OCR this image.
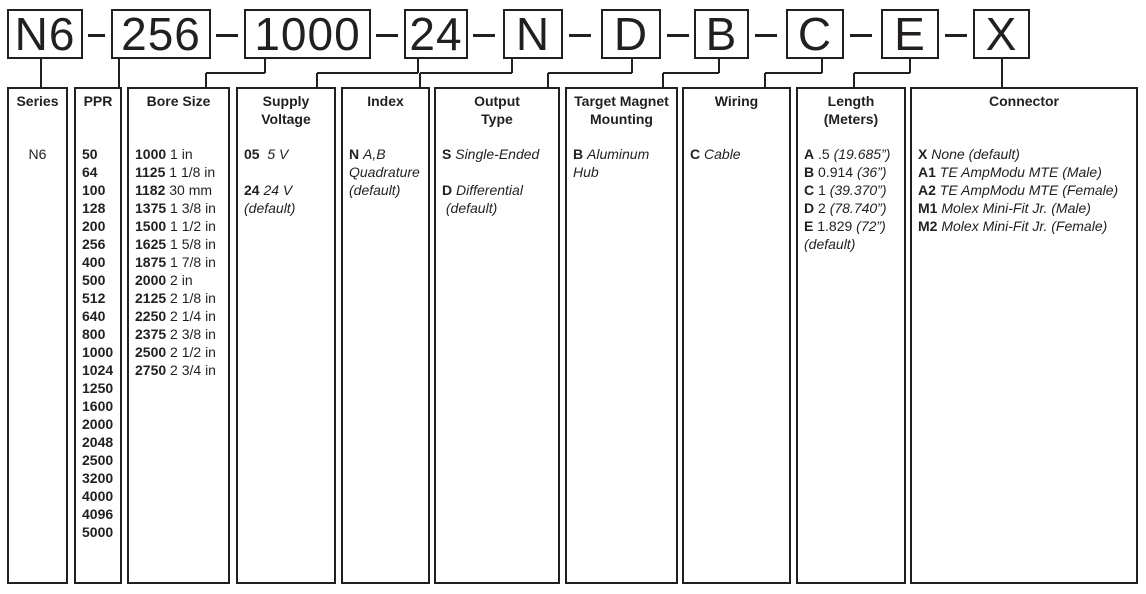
N6 256 1000 24 N D B C E X
Series
N6
PPR
50
64
100
128
200
256
400
500
512
640
800
1000
1024
1250
1600
2000
2048
2500
3200
4000
4096
5000
Bore Size
1000 1 in
1125 1 1/8 in
1182 30 mm
1375 1 3/8 in
1500 1 1/2 in
1625 1 5/8 in
1875 1 7/8 in
2000 2 in
2125 2 1/8 in
2250 2 1/4 in
2375 2 3/8 in
2500 2 1/2 in
2750 2 3/4 in
Supply
Voltage
05 5 V
24 24 V
(default)
Index
N A,B
Quadrature
(default)
Output
Type
S Single-Ended
D Differential
(default)
Target Magnet
Mounting
B Aluminum
Hub
Wiring
C Cable
Length
(Meters)
A .5 (19.685”)
B 0.914 (36”)
C 1 (39.370”)
D 2 (78.740”)
E 1.829 (72”)
(default)
Connector
X None (default)
A1 TE AmpModu MTE (Male)
A2 TE AmpModu MTE (Female)
M1 Molex Mini-Fit Jr. (Male)
M2 Molex Mini-Fit Jr. (Female)
